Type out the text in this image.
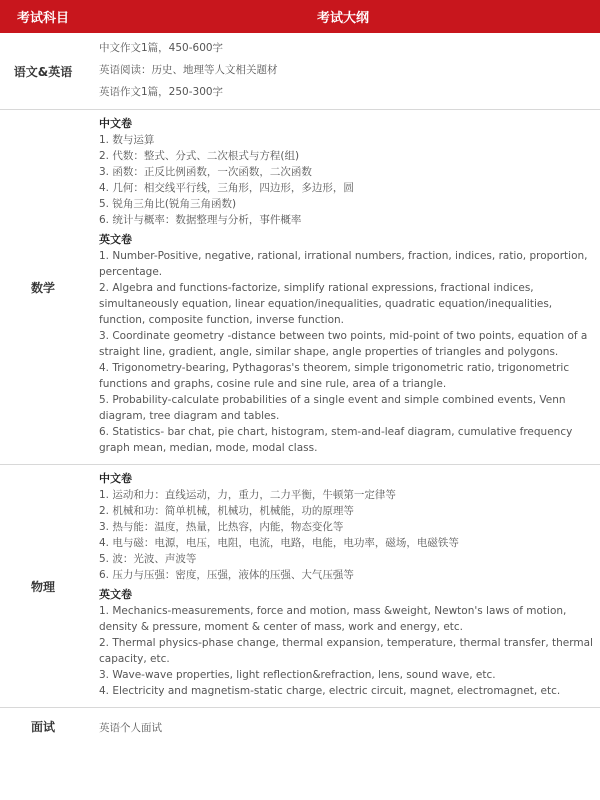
考试科目	考试大纲
语文&英语
中文作文1篇，450-600字
英语阅读：历史、地理等人文相关题材
英语作文1篇，250-300字
数学
中文卷
1. 数与运算
2. 代数：整式、分式、二次根式与方程(组)
3. 函数：正反比例函数，一次函数，二次函数
4. 几何：相交线平行线，三角形，四边形，多边形，圆
5. 锐角三角比(锐角三角函数)
6. 统计与概率：数据整理与分析，事件概率
英文卷
1. Number-Positive, negative, rational, irrational numbers, fraction, indices, ratio, proportion, percentage.
2. Algebra and functions-factorize, simplify rational expressions, fractional indices, simultaneously equation, linear equation/inequalities, quadratic equation/inequalities, function, composite function, inverse function.
3. Coordinate geometry -distance between two points, mid-point of two points, equation of a straight line, gradient, angle, similar shape, angle properties of triangles and polygons.
4. Trigonometry-bearing, Pythagoras's theorem, simple trigonometric ratio, trigonometric functions and graphs, cosine rule and sine rule, area of a triangle.
5. Probability-calculate probabilities of a single event and simple combined events, Venn diagram, tree diagram and tables.
6. Statistics- bar chat, pie chart, histogram, stem-and-leaf diagram, cumulative frequency graph mean, median, mode, modal class.
物理
中文卷
1. 运动和力：直线运动，力，重力，二力平衡，牛顿第一定律等
2. 机械和功：简单机械，机械功，机械能，功的原理等
3. 热与能：温度，热量，比热容，内能，物态变化等
4. 电与磁：电源，电压，电阻，电流，电路，电能，电功率，磁场，电磁铁等
5. 波：光波、声波等
6. 压力与压强：密度，压强，液体的压强、大气压强等
英文卷
1. Mechanics-measurements, force and motion, mass &weight, Newton's laws of motion, density & pressure, moment & center of mass, work and energy, etc.
2. Thermal physics-phase change, thermal expansion, temperature, thermal transfer, thermal capacity, etc.
3. Wave-wave properties, light reflection&refraction, lens, sound wave, etc.
4. Electricity and magnetism-static charge, electric circuit, magnet, electromagnet, etc.
面试	英语个人面试
